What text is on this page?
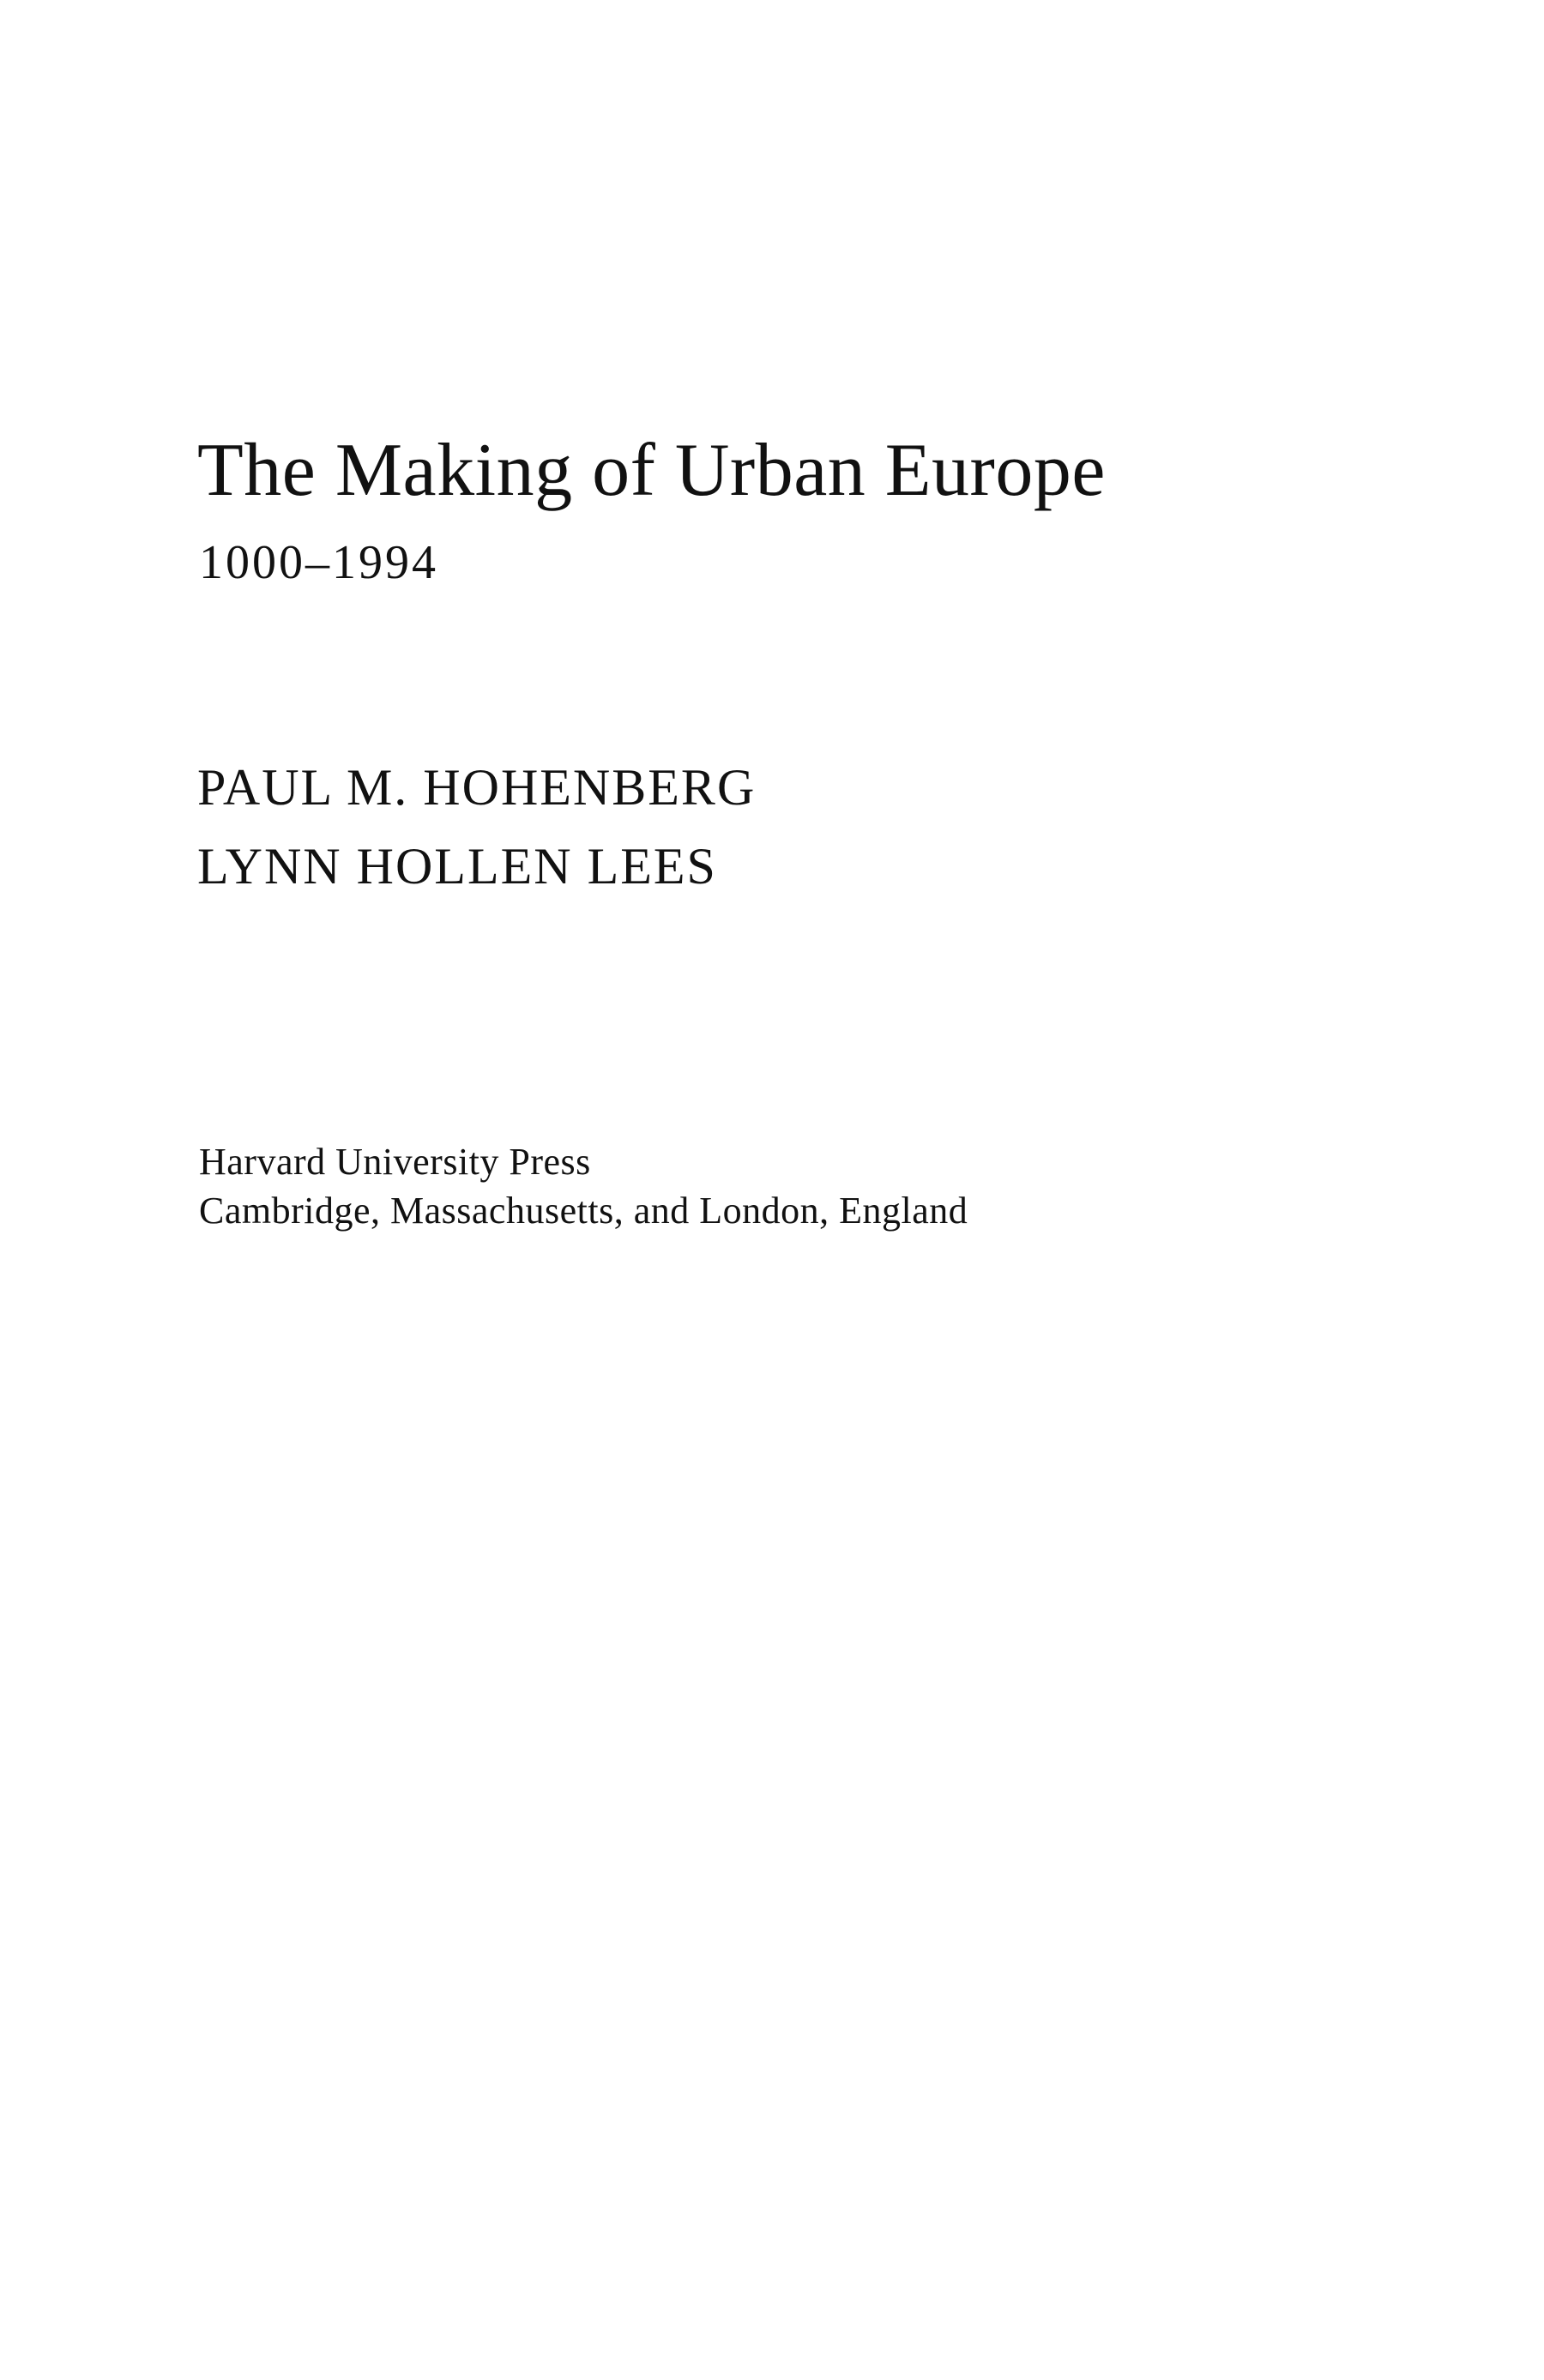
The Making of Urban Europe
1000–1994
PAUL M. HOHENBERG
LYNN HOLLEN LEES
Harvard University Press
Cambridge, Massachusetts, and London, England
